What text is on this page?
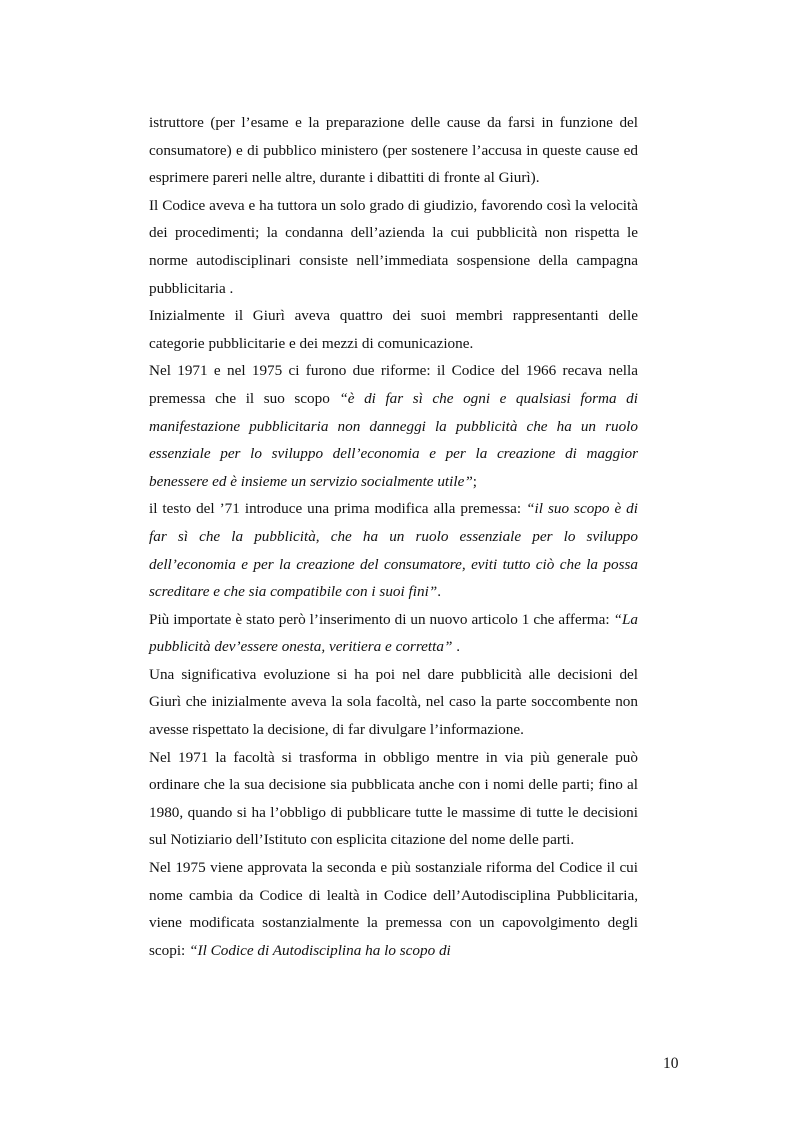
istruttore (per l’esame e la preparazione delle cause da farsi in funzione del consumatore) e di pubblico ministero (per sostenere l’accusa in queste cause ed esprimere pareri nelle altre, durante i dibattiti di fronte al Giurì).

Il Codice aveva e ha tuttora un solo grado di giudizio, favorendo così la velocità dei procedimenti; la condanna dell’azienda la cui pubblicità non rispetta le norme autodisciplinari consiste nell’immediata sospensione della campagna pubblicitaria .

Inizialmente il Giurì aveva quattro dei suoi membri rappresentanti delle categorie pubblicitarie e dei mezzi di comunicazione.

Nel 1971 e nel 1975 ci furono due riforme: il Codice del 1966 recava nella premessa che il suo scopo “è di far sì che ogni e qualsiasi forma di manifestazione pubblicitaria non danneggi la pubblicità che ha un ruolo essenziale per lo sviluppo dell’economia e per la creazione di maggior benessere ed è insieme un servizio socialmente utile”;

il testo del ’71 introduce una prima modifica alla premessa: “il suo scopo è di far sì che la pubblicità, che ha un ruolo essenziale per lo sviluppo dell’economia e per la creazione del consumatore, eviti tutto ciò che la possa screditare e che sia compatibile con i suoi fini”.

Più importate è stato però l’inserimento di un nuovo articolo 1 che afferma: “La pubblicità dev’essere onesta, veritiera e corretta” .

Una significativa evoluzione si ha poi nel dare pubblicità alle decisioni del Giurì che inizialmente aveva la sola facoltà, nel caso la parte soccombente non avesse rispettato la decisione, di far divulgare l’informazione.

Nel 1971 la facoltà si trasforma in obbligo mentre in via più generale può ordinare che la sua decisione sia pubblicata anche con i nomi delle parti; fino al 1980, quando si ha l’obbligo di pubblicare tutte le massime di tutte le decisioni sul Notiziario dell’Istituto con esplicita citazione del nome delle parti.

Nel 1975 viene approvata la seconda e più sostanziale riforma del Codice il cui nome cambia da Codice di lealtà in Codice dell’Autodisciplina Pubblicitaria, viene modificata sostanzialmente la premessa con un capovolgimento degli scopi: “Il Codice di Autodisciplina ha lo scopo di

10
